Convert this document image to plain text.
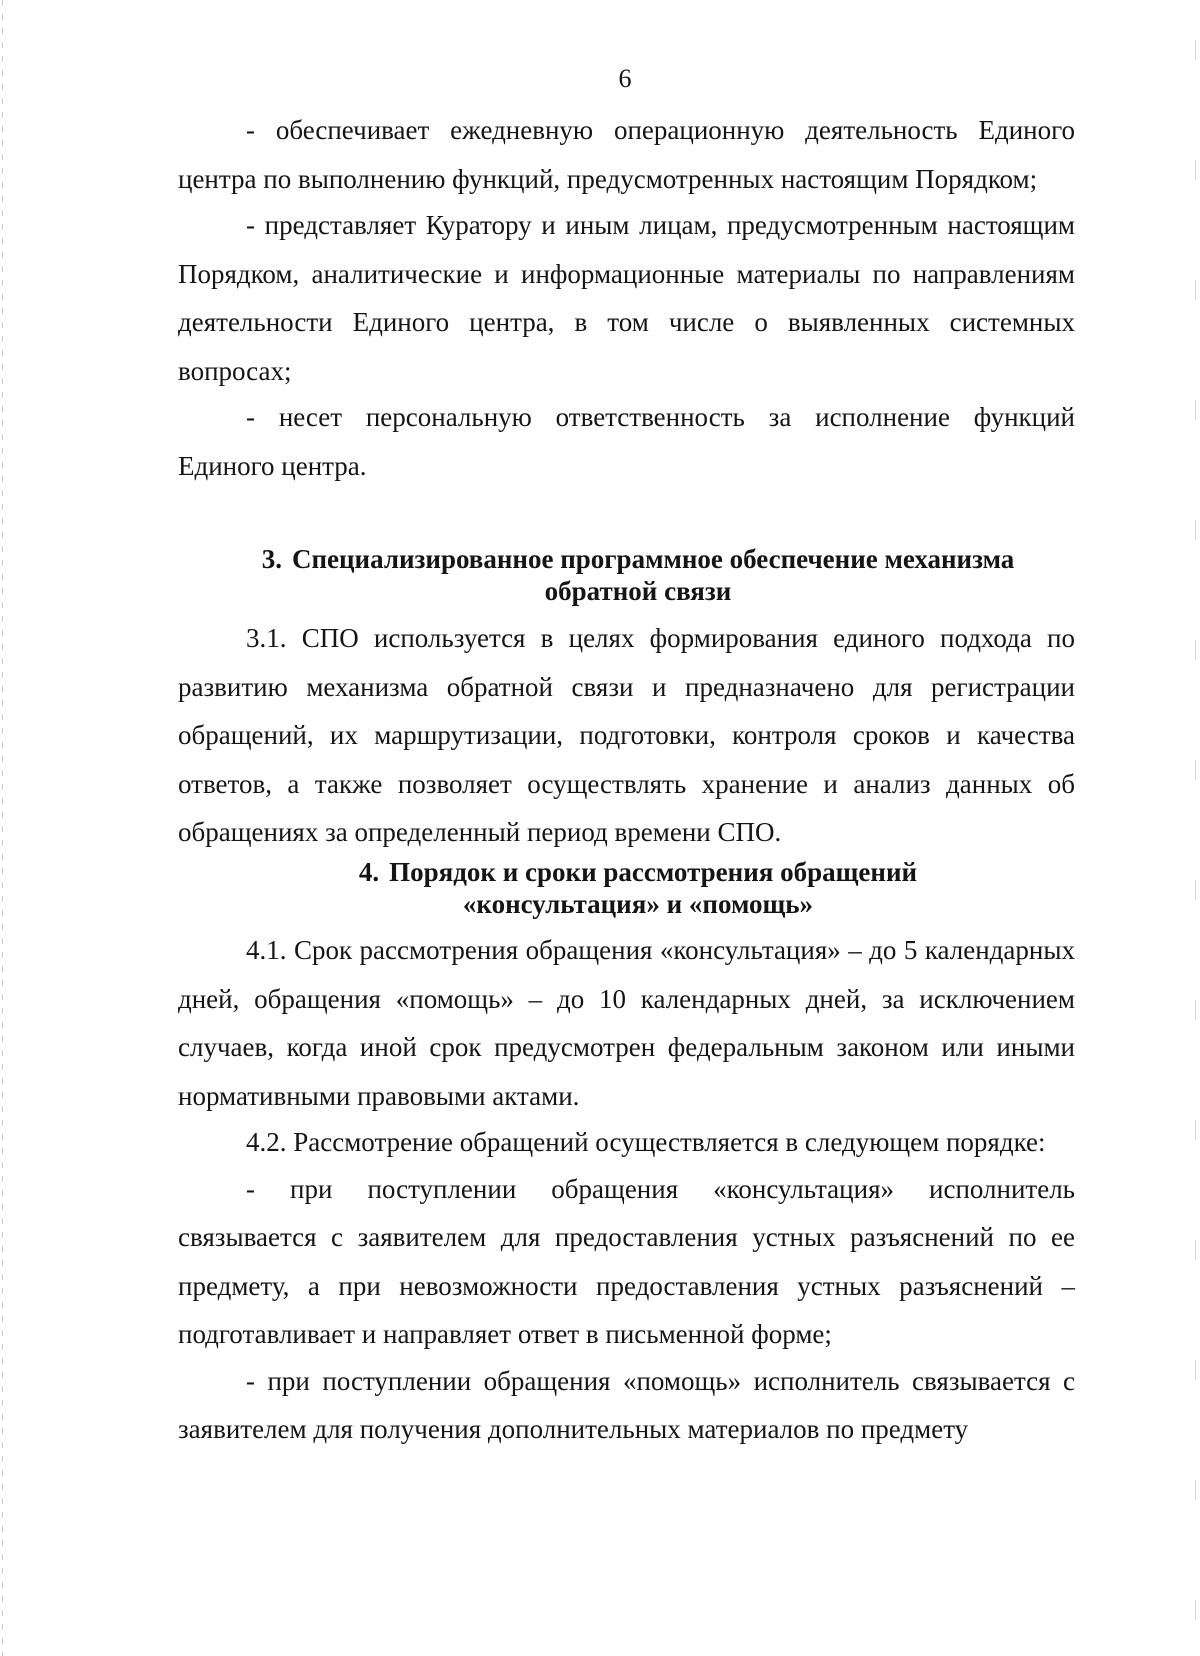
6

- обеспечивает ежедневную операционную деятельность Единого центра по выполнению функций, предусмотренных настоящим Порядком;

- представляет Куратору и иным лицам, предусмотренным настоящим Порядком, аналитические и информационные материалы по направлениям деятельности Единого центра, в том числе о выявленных системных вопросах;

- несет персональную ответственность за исполнение функций Единого центра.

3. Специализированное программное обеспечение механизма
обратной связи

3.1. СПО используется в целях формирования единого подхода по развитию механизма обратной связи и предназначено для регистрации обращений, их маршрутизации, подготовки, контроля сроков и качества ответов, а также позволяет осуществлять хранение и анализ данных об обращениях за определенный период времени СПО.

4. Порядок и сроки рассмотрения обращений
«консультация» и «помощь»

4.1. Срок рассмотрения обращения «консультация» – до 5 календарных дней, обращения «помощь» – до 10 календарных дней, за исключением случаев, когда иной срок предусмотрен федеральным законом или иными нормативными правовыми актами.

4.2. Рассмотрение обращений осуществляется в следующем порядке:

- при поступлении обращения «консультация» исполнитель связывается с заявителем для предоставления устных разъяснений по ее предмету, а при невозможности предоставления устных разъяснений – подготавливает и направляет ответ в письменной форме;

- при поступлении обращения «помощь» исполнитель связывается с заявителем для получения дополнительных материалов по предмету
